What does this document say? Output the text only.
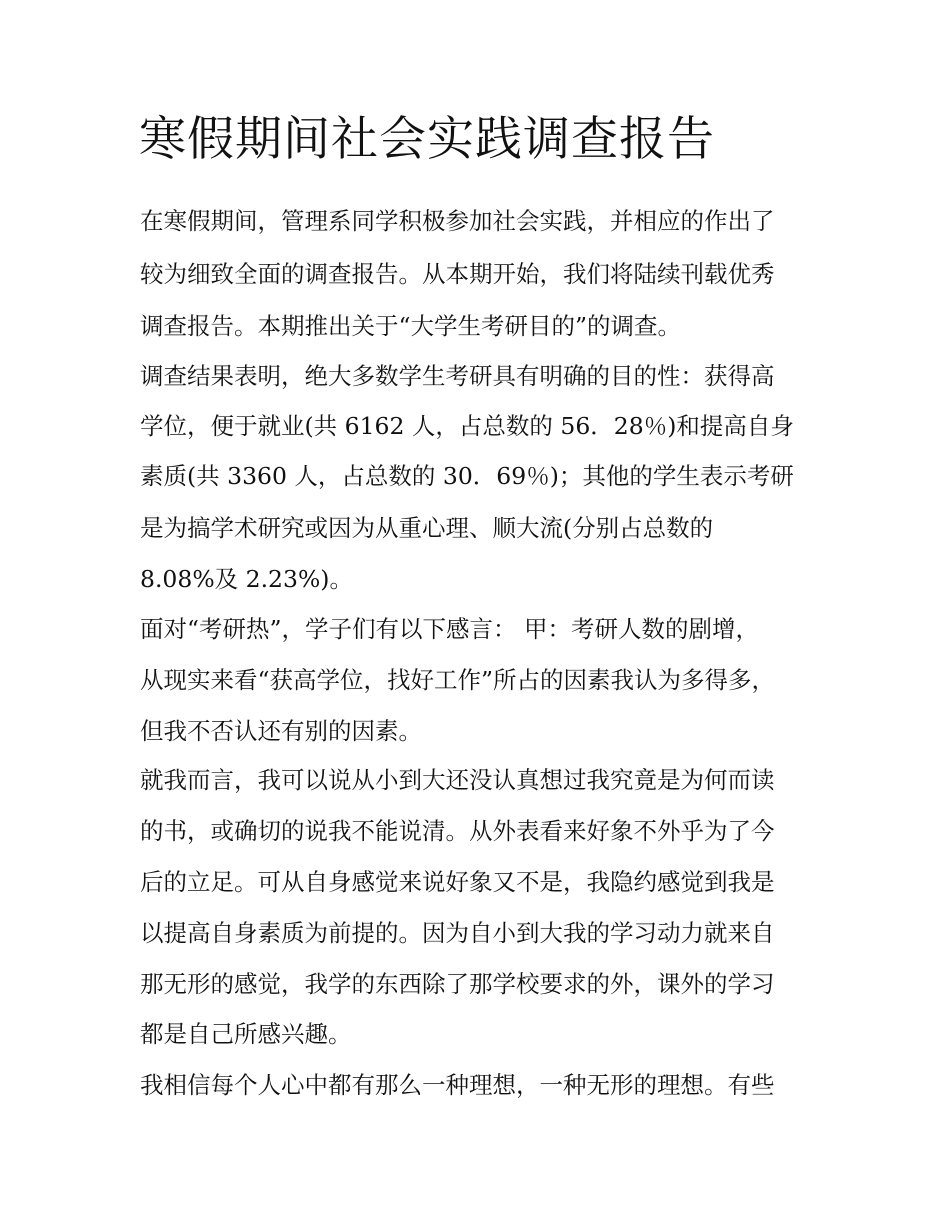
寒假期间社会实践调查报告

在寒假期间，管理系同学积极参加社会实践，并相应的作出了

较为细致全面的调查报告。从本期开始，我们将陆续刊载优秀

调查报告。本期推出关于“大学生考研目的”的调查。

调查结果表明，绝大多数学生考研具有明确的目的性：获得高

学位，便于就业(共 6162 人，占总数的 56．28％)和提高自身

素质(共 3360 人，占总数的 30．69％)；其他的学生表示考研

是为搞学术研究或因为从重心理、顺大流(分别占总数的

8.08%及 2.23%)。

面对“考研热”，学子们有以下感言： 甲：考研人数的剧增，

从现实来看“获高学位，找好工作”所占的因素我认为多得多，

但我不否认还有别的因素。

就我而言，我可以说从小到大还没认真想过我究竟是为何而读

的书，或确切的说我不能说清。从外表看来好象不外乎为了今

后的立足。可从自身感觉来说好象又不是，我隐约感觉到我是

以提高自身素质为前提的。因为自小到大我的学习动力就来自

那无形的感觉，我学的东西除了那学校要求的外，课外的学习

都是自己所感兴趣。

我相信每个人心中都有那么一种理想，一种无形的理想。有些
